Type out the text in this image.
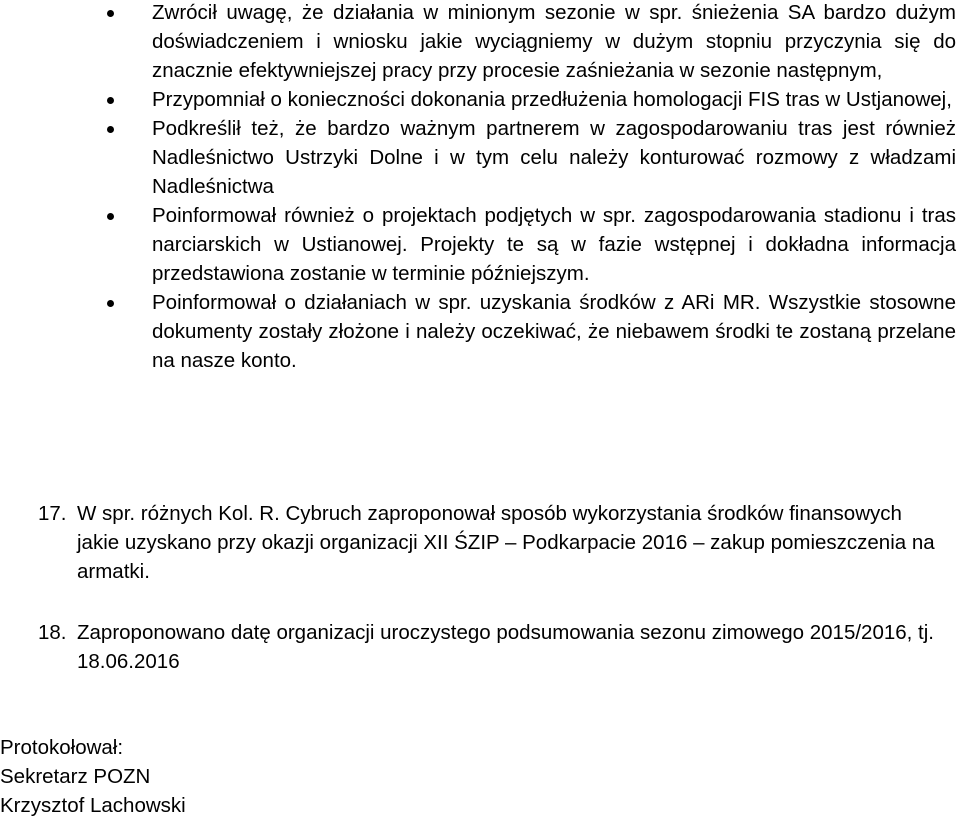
Zwrócił uwagę, że działania w minionym sezonie w spr. śnieżenia SA bardzo dużym doświadczeniem i wniosku jakie wyciągniemy w dużym stopniu przyczynia się do znacznie efektywniejszej pracy przy procesie zaśnieżania w sezonie następnym,
Przypomniał o konieczności dokonania przedłużenia homologacji FIS tras w Ustjanowej,
Podkreślił też, że bardzo ważnym partnerem w zagospodarowaniu tras jest również Nadleśnictwo Ustrzyki Dolne i w tym celu należy konturować rozmowy z władzami Nadleśnictwa
Poinformował również o projektach podjętych w spr. zagospodarowania stadionu i tras narciarskich w Ustianowej. Projekty te są w fazie wstępnej i dokładna informacja przedstawiona zostanie w terminie późniejszym.
Poinformował o działaniach w spr. uzyskania środków z ARi MR. Wszystkie stosowne dokumenty zostały złożone i należy oczekiwać, że niebawem środki te zostaną przelane na nasze konto.
17. W spr. różnych Kol. R. Cybruch zaproponował sposób wykorzystania środków finansowych jakie uzyskano przy okazji organizacji XII ŚZIP – Podkarpacie 2016 – zakup pomieszczenia na armatki.
18. Zaproponowano datę organizacji uroczystego podsumowania sezonu zimowego 2015/2016, tj. 18.06.2016
Protokołował:
Sekretarz POZN
Krzysztof Lachowski
